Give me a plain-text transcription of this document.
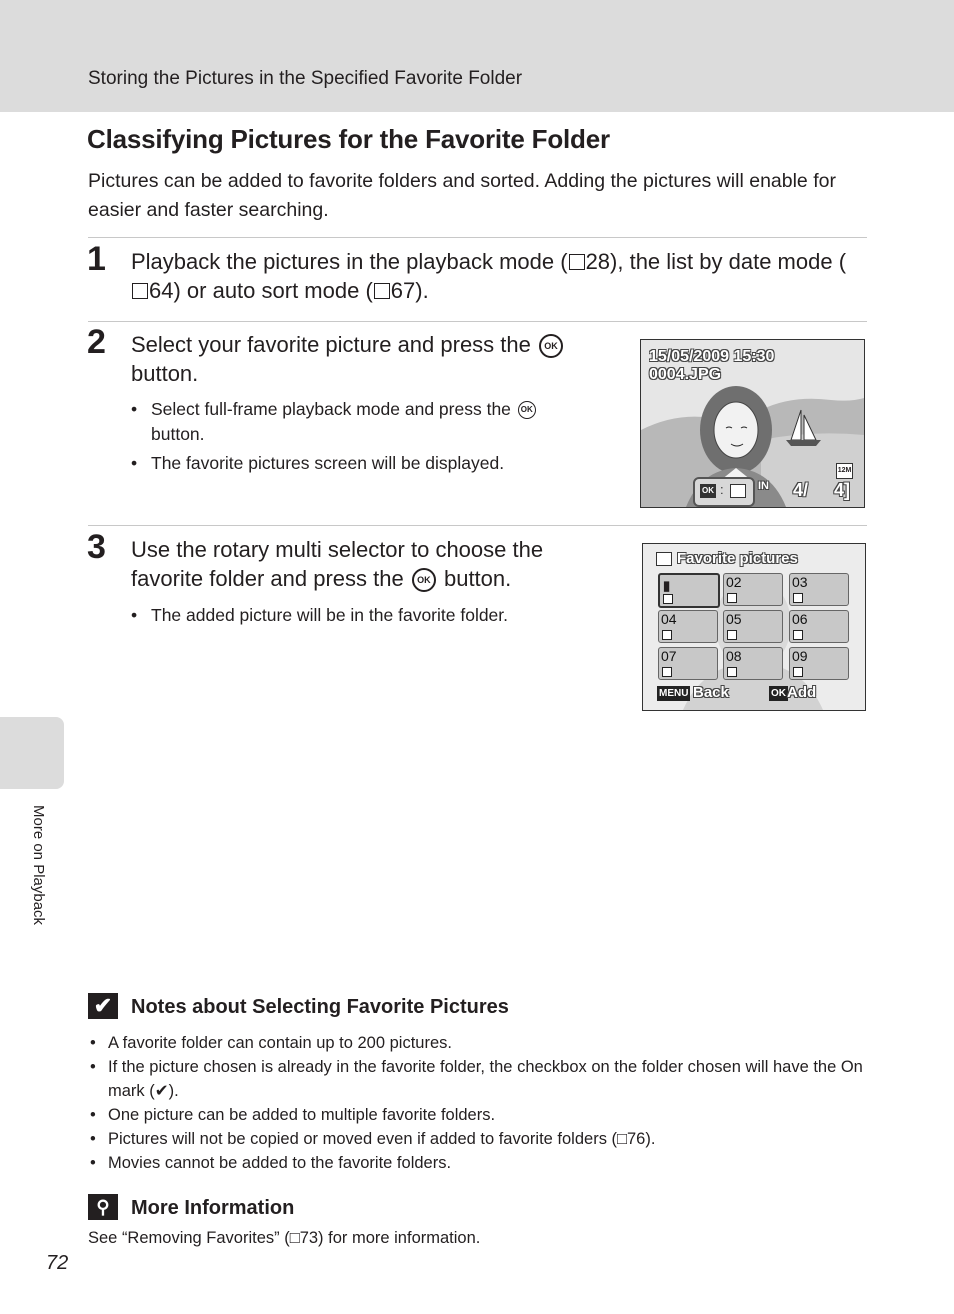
Storing the Pictures in the Specified Favorite Folder
More on Playback
Classifying Pictures for the Favorite Folder

Pictures can be added to favorite folders and sorted. Adding the pictures will enable for easier and faster searching.

1 Playback the pictures in the playback mode ( 28), the list by date mode (64) or auto sort mode ( 67).

2 Select your favorite picture and press the OK button.

• Select full-frame playback mode and press the OK button.
• The favorite pictures screen will be displayed.
15/05/2009 15:30
0004.JPG
OK :	IN 4/ 4]
12M
3 Use the rotary multi selector to choose the favorite folder and press the OK button.

• The added picture will be in the favorite folder.
Favorite pictures
▮	02	03
04	05	06
07	08	09
MENU Back	OK Add
✔ Notes about Selecting Favorite Pictures
• A favorite folder can contain up to 200 pictures.
• If the picture chosen is already in the favorite folder, the checkbox on the folder chosen will have the On mark (✔).
• One picture can be added to multiple favorite folders.
• Pictures will not be copied or moved even if added to favorite folders (□76).
• Movies cannot be added to the favorite folders.
⚲	More Information

See “Removing Favorites” (□73) for more information.

72
